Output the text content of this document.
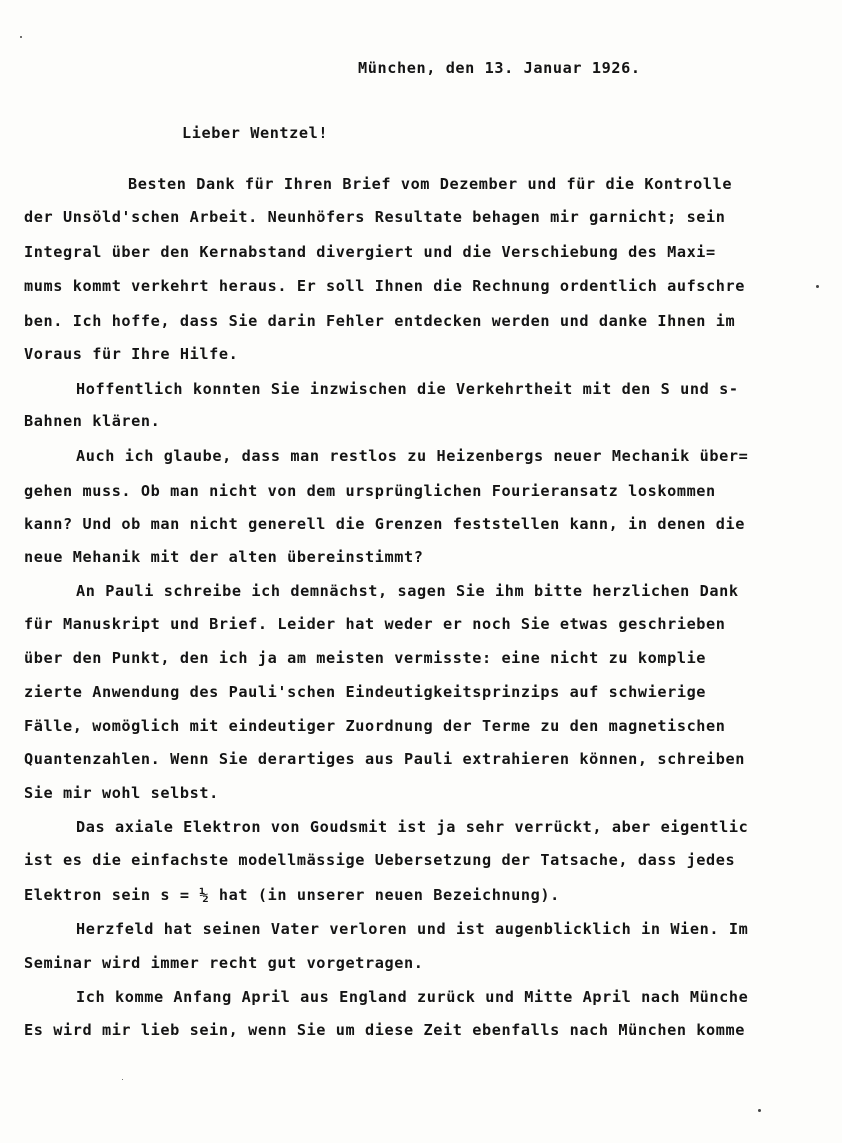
München, den 13. Januar 1926.
Lieber Wentzel!
Besten Dank für Ihren Brief vom Dezember und für die Kontrolle
der Unsöld'schen Arbeit. Neunhöfers Resultate behagen mir garnicht; sein
Integral über den Kernabstand divergiert und die Verschiebung des Maxi=
mums kommt verkehrt heraus. Er soll Ihnen die Rechnung ordentlich aufschre
ben. Ich hoffe, dass Sie darin Fehler entdecken werden und danke Ihnen im
Voraus für Ihre Hilfe.
Hoffentlich konnten Sie inzwischen die Verkehrtheit mit den S und s-
Bahnen klären.
Auch ich glaube, dass man restlos zu Heizenbergs neuer Mechanik über=
gehen muss. Ob man nicht von dem ursprünglichen Fourieransatz loskommen
kann? Und ob man nicht generell die Grenzen feststellen kann, in denen die
neue Mehanik mit der alten übereinstimmt?
An Pauli schreibe ich demnächst, sagen Sie ihm bitte herzlichen Dank
für Manuskript und Brief. Leider hat weder er noch Sie etwas geschrieben
über den Punkt, den ich ja am meisten vermisste: eine nicht zu komplie
zierte Anwendung des Pauli'schen Eindeutigkeitsprinzips auf schwierige
Fälle, womöglich mit eindeutiger Zuordnung der Terme zu den magnetischen
Quantenzahlen. Wenn Sie derartiges aus Pauli extrahieren können, schreiben
Sie mir wohl selbst.
Das axiale Elektron von Goudsmit ist ja sehr verrückt, aber eigentlic
ist es die einfachste modellmässige Uebersetzung der Tatsache, dass jedes
Elektron sein s = ½ hat (in unserer neuen Bezeichnung).
Herzfeld hat seinen Vater verloren und ist augenblicklich in Wien. Im
Seminar wird immer recht gut vorgetragen.
Ich komme Anfang April aus England zurück und Mitte April nach Münche
Es wird mir lieb sein, wenn Sie um diese Zeit ebenfalls nach München komme
